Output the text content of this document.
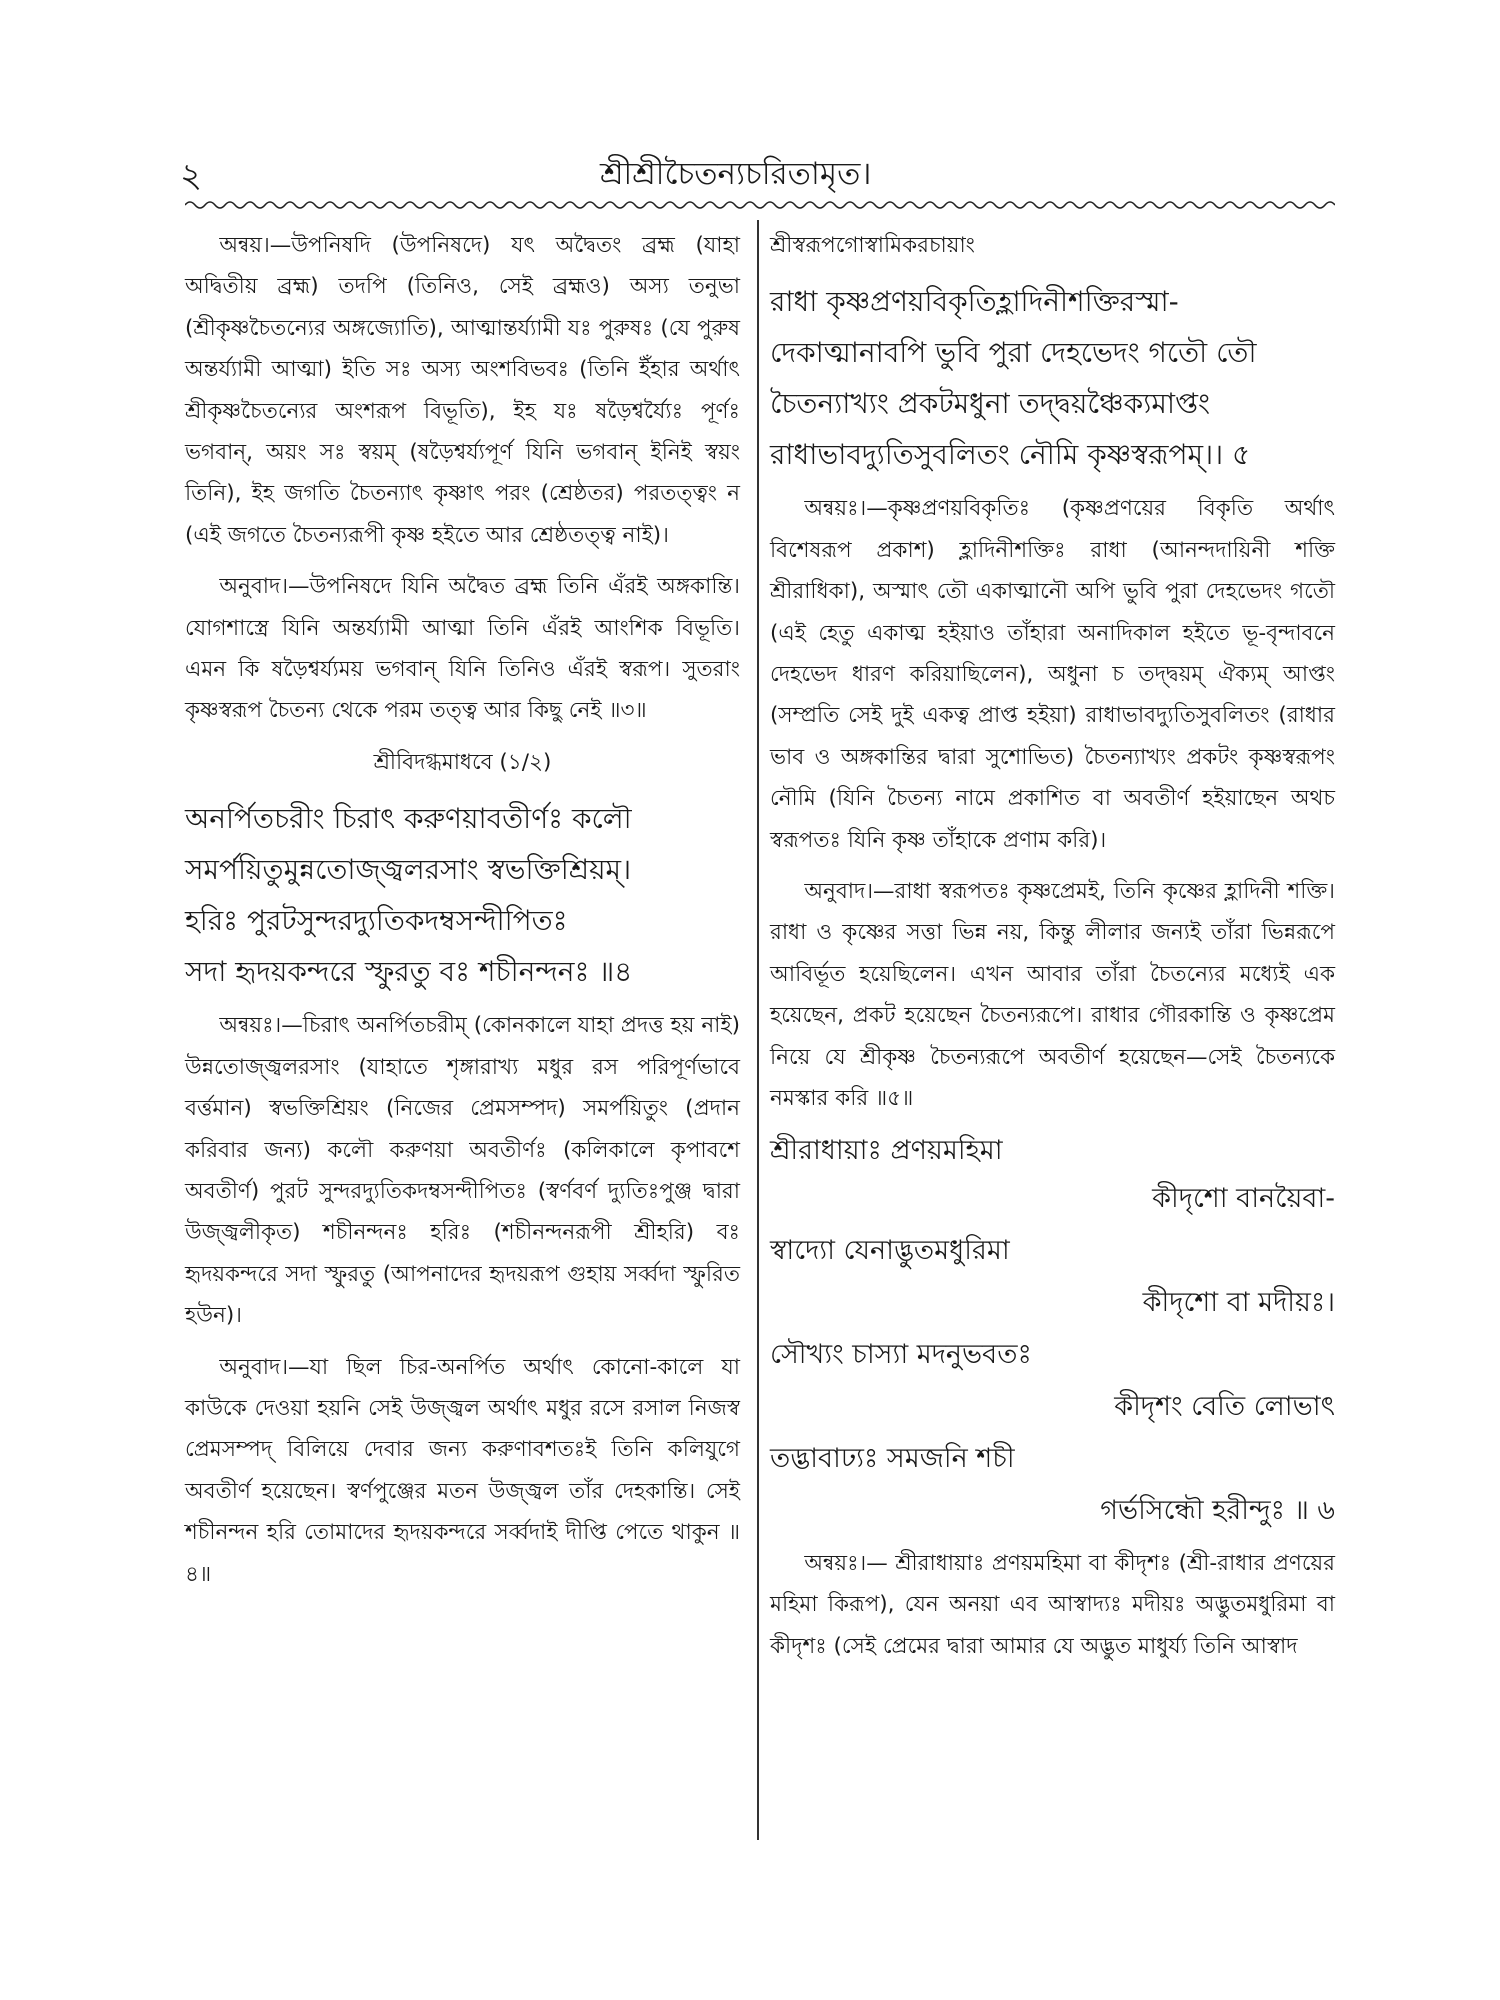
২	শ্রীশ্রীচৈতন্যচরিতামৃত।

অন্বয়।—উপনিষদি (উপনিষদে) যৎ অদ্বৈতং ব্রহ্ম (যাহা অদ্বিতীয় ব্রহ্ম) তদপি (তিনিও, সেই ব্রহ্মও) অস্য তনুভা (শ্রীকৃষ্ণচৈতন্যের অঙ্গজ্যোতি), আত্মান্তর্য্যামী যঃ পুরুষঃ (যে পুরুষ অন্তর্য্যামী আত্মা) ইতি সঃ অস্য অংশবিভবঃ (তিনি ইঁহার অর্থাৎ শ্রীকৃষ্ণচৈতন্যের অংশরূপ বিভূতি), ইহ যঃ ষড়ৈশ্বর্য্যৈঃ পূর্ণঃ ভগবান্, অয়ং সঃ স্বয়ম্ (ষড়ৈশ্বর্য্যপূর্ণ যিনি ভগবান্ ইনিই স্বয়ং তিনি), ইহ জগতি চৈতন্যাৎ কৃষ্ণাৎ পরং (শ্রেষ্ঠতর) পরতত্ত্বং ন (এই জগতে চৈতন্যরূপী কৃষ্ণ হইতে আর শ্রেষ্ঠতত্ত্ব নাই)।

অনুবাদ।—উপনিষদে যিনি অদ্বৈত ব্রহ্ম তিনি এঁরই অঙ্গকান্তি। যোগশাস্ত্রে যিনি অন্তর্য্যামী আত্মা তিনি এঁরই আংশিক বিভূতি। এমন কি ষড়ৈশ্বর্য্যময় ভগবান্ যিনি তিনিও এঁরই স্বরূপ। সুতরাং কৃষ্ণস্বরূপ চৈতন্য থেকে পরম তত্ত্ব আর কিছু নেই ॥৩॥

শ্রীবিদগ্ধমাধবে (১/২)

অনর্পিতচরীং চিরাৎ করুণয়াবতীর্ণঃ কলৌ
সমর্পয়িতুমুন্নতোজ্জ্বলরসাং স্বভক্তিশ্রিয়ম্।
হরিঃ পুরটসুন্দরদ্যুতিকদম্বসন্দীপিতঃ
সদা হৃদয়কন্দরে স্ফুরতু বঃ শচীনন্দনঃ ॥৪

অন্বয়ঃ।—চিরাৎ অনর্পিতচরীম্ (কোনকালে যাহা প্রদত্ত হয় নাই) উন্নতোজ্জ্বলরসাং (যাহাতে শৃঙ্গারাখ্য মধুর রস পরিপূর্ণভাবে বর্ত্তমান) স্বভক্তিশ্রিয়ং (নিজের প্রেমসম্পদ) সমর্পয়িতুং (প্রদান করিবার জন্য) কলৌ করুণয়া অবতীর্ণঃ (কলিকালে কৃপাবশে অবতীর্ণ) পুরট সুন্দরদ্যুতিকদম্বসন্দীপিতঃ (স্বর্ণবর্ণ দ্যুতিঃপুঞ্জ দ্বারা উজ্জ্বলীকৃত) শচীনন্দনঃ হরিঃ (শচীনন্দনরূপী শ্রীহরি) বঃ হৃদয়কন্দরে সদা স্ফুরতু (আপনাদের হৃদয়রূপ গুহায় সর্ব্বদা স্ফুরিত হউন)।

অনুবাদ।—যা ছিল চির-অনর্পিত অর্থাৎ কোনো-কালে যা কাউকে দেওয়া হয়নি সেই উজ্জ্বল অর্থাৎ মধুর রসে রসাল নিজস্ব প্রেমসম্পদ্ বিলিয়ে দেবার জন্য করুণাবশতঃই তিনি কলিযুগে অবতীর্ণ হয়েছেন। স্বর্ণপুঞ্জের মতন উজ্জ্বল তাঁর দেহকান্তি। সেই শচীনন্দন হরি তোমাদের হৃদয়কন্দরে সর্ব্বদাই দীপ্তি পেতে থাকুন ॥৪॥

শ্রীস্বরূপগোস্বামিকরচায়াং

রাধা কৃষ্ণপ্রণয়বিকৃতিহ্লাদিনীশক্তিরস্মা-
দেকাত্মানাবপি ভুবি পুরা দেহভেদং গতৌ তৌ
চৈতন্যাখ্যং প্রকটমধুনা তদ্দ্বয়ঞ্চৈক্যমাপ্তং
রাধাভাবদ্যুতিসুবলিতং নৌমি কৃষ্ণস্বরূপম্।। ৫

অন্বয়ঃ।—কৃষ্ণপ্রণয়বিকৃতিঃ (কৃষ্ণপ্রণয়ের বিকৃতি অর্থাৎ বিশেষরূপ প্রকাশ) হ্লাদিনীশক্তিঃ রাধা (আনন্দদায়িনী শক্তি শ্রীরাধিকা), অস্মাৎ তৌ একাত্মানৌ অপি ভুবি পুরা দেহভেদং গতৌ (এই হেতু একাত্ম হইয়াও তাঁহারা অনাদিকাল হইতে ভূ-বৃন্দাবনে দেহভেদ ধারণ করিয়াছিলেন), অধুনা চ তদ্দ্বয়ম্ ঐক্যম্ আপ্তং (সম্প্রতি সেই দুই একত্ব প্রাপ্ত হইয়া) রাধাভাবদ্যুতিসুবলিতং (রাধার ভাব ও অঙ্গকান্তির দ্বারা সুশোভিত) চৈতন্যাখ্যং প্রকটং কৃষ্ণস্বরূপং নৌমি (যিনি চৈতন্য নামে প্রকাশিত বা অবতীর্ণ হইয়াছেন অথচ স্বরূপতঃ যিনি কৃষ্ণ তাঁহাকে প্রণাম করি)।

অনুবাদ।—রাধা স্বরূপতঃ কৃষ্ণপ্রেমই, তিনি কৃষ্ণের হ্লাদিনী শক্তি। রাধা ও কৃষ্ণের সত্তা ভিন্ন নয়, কিন্তু লীলার জন্যই তাঁরা ভিন্নরূপে আবির্ভূত হয়েছিলেন। এখন আবার তাঁরা চৈতন্যের মধ্যেই এক হয়েছেন, প্রকট হয়েছেন চৈতন্যরূপে। রাধার গৌরকান্তি ও কৃষ্ণপ্রেম নিয়ে যে শ্রীকৃষ্ণ চৈতন্যরূপে অবতীর্ণ হয়েছেন—সেই চৈতন্যকে নমস্কার করি ॥৫॥

শ্রীরাধায়াঃ প্রণয়মহিমা
কীদৃশো বানয়ৈবা-
স্বাদ্যো যেনাদ্ভুতমধুরিমা
কীদৃশো বা মদীয়ঃ।
সৌখ্যং চাস্যা মদনুভবতঃ
কীদৃশং বেতি লোভাৎ
তদ্ভাবাঢ্যঃ সমজনি শচী
গর্ভসিন্ধৌ হরীন্দুঃ ॥ ৬

অন্বয়ঃ।— শ্রীরাধায়াঃ প্রণয়মহিমা বা কীদৃশঃ (শ্রী-রাধার প্রণয়ের মহিমা কিরূপ), যেন অনয়া এব আস্বাদ্যঃ মদীয়ঃ অদ্ভুতমধুরিমা বা কীদৃশঃ (সেই প্রেমের দ্বারা আমার যে অদ্ভুত মাধুর্য্য তিনি আস্বাদ
